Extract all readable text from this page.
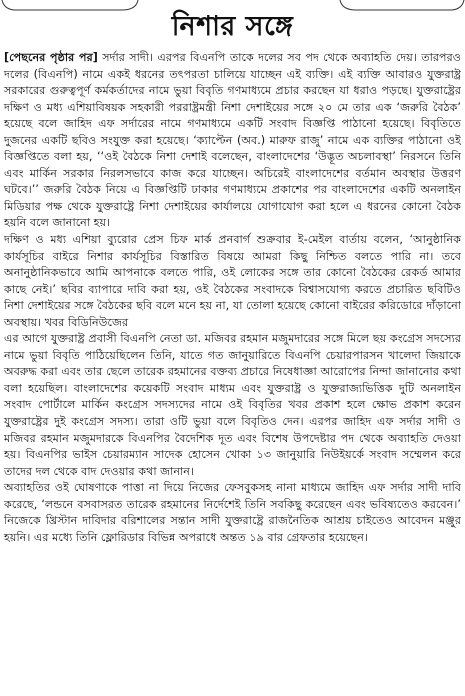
নিশার সঙ্গে

[পেছনের পৃষ্ঠার পর] সর্দার সাদী। এরপর বিএনপি তাকে দলের সব পদ থেকে অব্যাহতি দেয়। তারপরও দলের (বিএনপি) নামে একই ধরনের তৎপরতা চালিয়ে যাচ্ছেন এই ব্যক্তি। এই ব্যক্তি আবারও যুক্তরাষ্ট্র সরকারের গুরুত্বপূর্ণ কর্মকর্তাদের নামে ভুয়া বিবৃতি গণমাধ্যমে প্রচার করছেন যা ধরাও পড়ছে। যুক্তরাষ্ট্রের দক্ষিণ ও মধ্য এশিয়াবিষয়ক সহকারী পররাষ্ট্রমন্ত্রী নিশা দেশাইয়ের সঙ্গে ২০ মে তার এক ‘জরুরি বৈঠক’ হয়েছে বলে জাহিদ এফ সর্দারের নামে গণমাধ্যমে একটি সংবাদ বিজ্ঞপ্তি পাঠানো হয়েছে। বিবৃতিতে দুজনের একটি ছবিও সংযুক্ত করা হয়েছে। ‘ক্যাপ্টেন (অব.) মারুফ রাজু’ নামে এক ব্যক্তির পাঠানো ওই বিজ্ঞপ্তিতে বলা হয়, ‘‘ওই বৈঠকে নিশা দেশাই বলেছেন, বাংলাদেশের ‘উদ্ভূত অচলাবস্থা’ নিরসনে তিনি এবং মার্কিন সরকার নিরলসভাবে কাজ করে যাচ্ছেন। অচিরেই বাংলাদেশের বর্তমান অবস্থার উত্তরণ ঘটবে।’’ জরুরি বৈঠক নিয়ে এ বিজ্ঞপ্তিটি ঢাকার গণমাধ্যমে প্রকাশের পর বাংলাদেশের একটি অনলাইন মিডিয়ার পক্ষ থেকে যুক্তরাষ্ট্রে নিশা দেশাইয়ের কার্যালয়ে যোগাযোগ করা হলে এ ধরনের কোনো বৈঠক হয়নি বলে জানানো হয়।

দক্ষিণ ও মধ্য এশিয়া ব্যুরোর প্রেস চিফ মার্ক প্রনবার্গ শুক্রবার ই-মেইল বার্তায় বলেন, ‘আনুষ্ঠানিক কার্যসূচির বাইরে নিশার কার্যসূচির বিস্তারিত বিষয়ে আমরা কিছু নিশ্চিত বলতে পারি না। তবে অনানুষ্ঠানিকভাবে আমি আপনাকে বলতে পারি, ওই লোকের সঙ্গে তার কোনো বৈঠকের রেকর্ড আমার কাছে নেই।’ ছবির ব্যাপারে দাবি করা হয়, ওই বৈঠকের সংবাদকে বিশ্বাসযোগ্য করতে প্রচারিত ছবিটিও নিশা দেশাইয়ের সঙ্গে বৈঠকের ছবি বলে মনে হয় না, যা তোলা হয়েছে কোনো বাইরের করিডোরে দাঁড়ানো অবস্থায়। খবর বিডিনিউজের

এর আগে যুক্তরাষ্ট্র প্রবাসী বিএনপি নেতা ডা. মজিবর রহমান মজুমদারের সঙ্গে মিলে ছয় কংগ্রেস সদস্যের নামে ভুয়া বিবৃতি পাঠিয়েছিলেন তিনি, যাতে গত জানুয়ারিতে বিএনপি চেয়ারপারসন খালেদা জিয়াকে অবরুদ্ধ করা এবং তার ছেলে তারেক রহমানের বক্তব্য প্রচারে নিষেধাজ্ঞা আরোপের নিন্দা জানানোর কথা বলা হয়েছিল। বাংলাদেশের কয়েকটি সংবাদ মাধ্যম এবং যুক্তরাষ্ট্র ও যুক্তরাজ্যভিত্তিক দুটি অনলাইন সংবাদ পোর্টালে মার্কিন কংগ্রেস সদস্যদের নামে ওই বিবৃতির খবর প্রকাশ হলে ক্ষোভ প্রকাশ করেন যুক্তরাষ্ট্রের দুই কংগ্রেস সদস্য। তারা ওটি ভুয়া বলে বিবৃতিও দেন। এরপর জাহিদ এফ সর্দার সাদী ও মজিবর রহমান মজুমদারকে বিএনপির বৈদেশিক দূত এবং বিশেষ উপদেষ্টার পদ থেকে অব্যাহতি দেওয়া হয়। বিএনপির ভাইস চেয়ারম্যান সাদেক হোসেন খোকা ১৩ জানুয়ারি নিউইয়র্কে সংবাদ সম্মেলন করে তাদের দল থেকে বাদ দেওয়ার কথা জানান।

অব্যাহতির ওই ঘোষণাকে পাত্তা না দিয়ে নিজের ফেসবুকসহ নানা মাধ্যমে জাহিদ এফ সর্দার সাদী দাবি করেছে, ‘লন্ডনে বসবাসরত তারেক রহমানের নির্দেশেই তিনি সবকিছু করেছেন এবং ভবিষ্যতেও করবেন।’ নিজেকে খ্রিস্টান দাবিদার বরিশালের সন্তান সাদী যুক্তরাষ্ট্রে রাজনৈতিক আশ্রয় চাইতেও আবেদন মঞ্জুর হয়নি। এর মধ্যে তিনি ফ্লোরিডার বিভিন্ন অপরাধে অন্তত ১৯ বার গ্রেফতার হয়েছেন।
